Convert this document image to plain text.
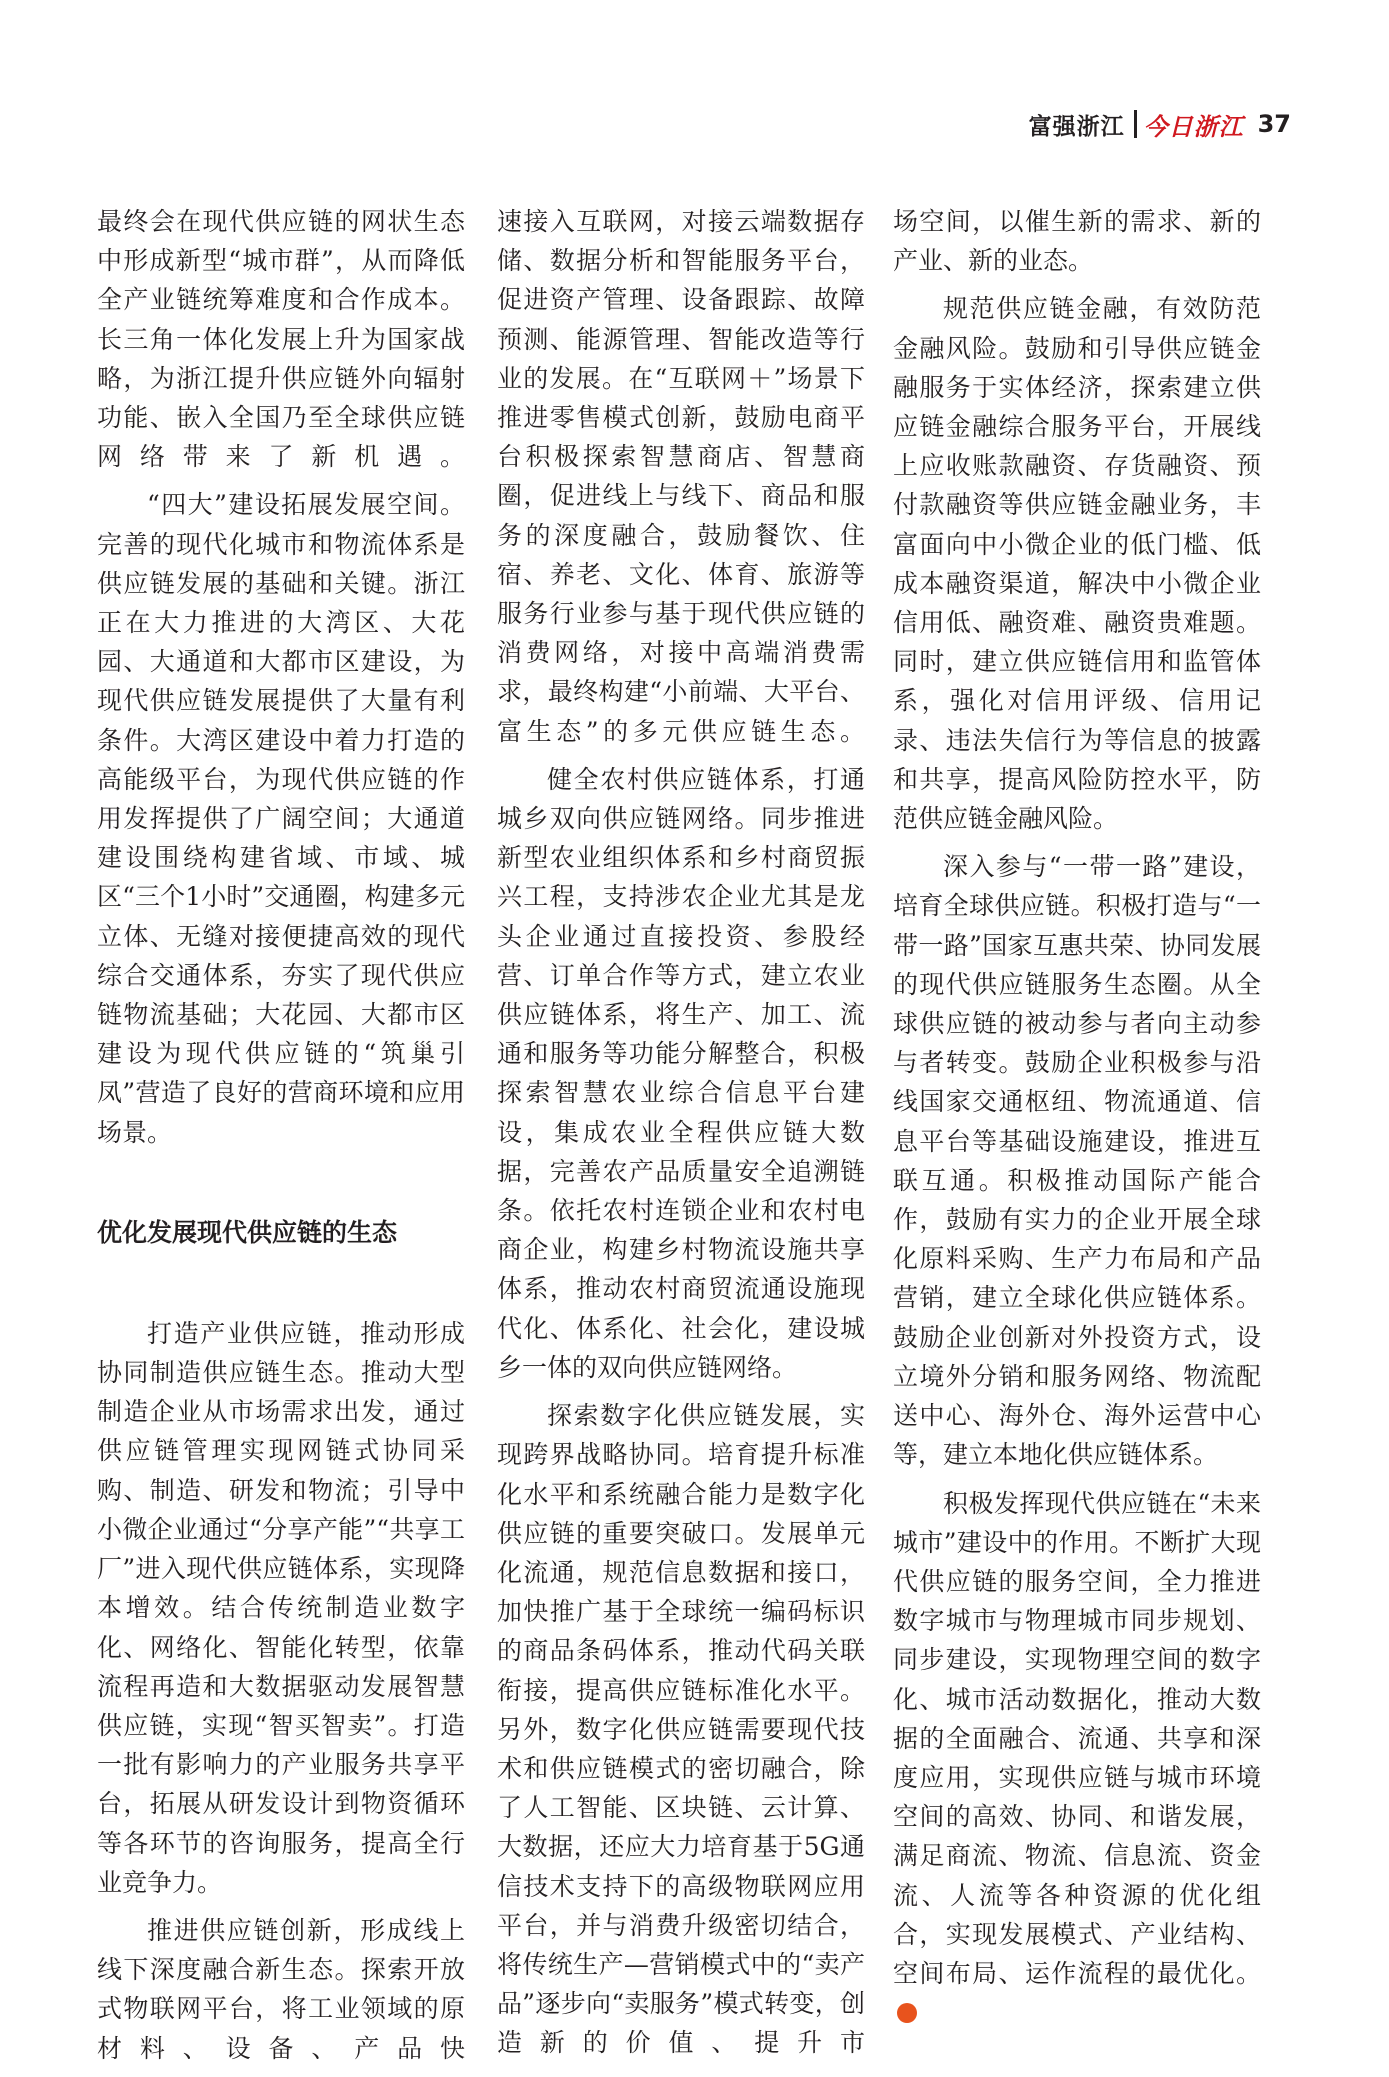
富强浙江 今日浙江 37

最终会在现代供应链的网状生态中形成新型“城市群”，从而降低全产业链统筹难度和合作成本。长三角一体化发展上升为国家战略，为浙江提升供应链外向辐射功能、嵌入全国乃至全球供应链网络带来了新机遇。

“四大”建设拓展发展空间。完善的现代化城市和物流体系是供应链发展的基础和关键。浙江正在大力推进的大湾区、大花园、大通道和大都市区建设，为现代供应链发展提供了大量有利条件。大湾区建设中着力打造的高能级平台，为现代供应链的作用发挥提供了广阔空间；大通道建设围绕构建省域、市域、城区“三个1小时”交通圈，构建多元立体、无缝对接便捷高效的现代综合交通体系，夯实了现代供应链物流基础；大花园、大都市区建设为现代供应链的“筑巢引凤”营造了良好的营商环境和应用场景。

优化发展现代供应链的生态

打造产业供应链，推动形成协同制造供应链生态。推动大型制造企业从市场需求出发，通过供应链管理实现网链式协同采购、制造、研发和物流；引导中小微企业通过“分享产能”“共享工厂”进入现代供应链体系，实现降本增效。结合传统制造业数字化、网络化、智能化转型，依靠流程再造和大数据驱动发展智慧供应链，实现“智买智卖”。打造一批有影响力的产业服务共享平台，拓展从研发设计到物资循环等各环节的咨询服务，提高全行业竞争力。

推进供应链创新，形成线上线下深度融合新生态。探索开放式物联网平台，将工业领域的原材料、设备、产品快

速接入互联网，对接云端数据存储、数据分析和智能服务平台，促进资产管理、设备跟踪、故障预测、能源管理、智能改造等行业的发展。在“互联网＋”场景下推进零售模式创新，鼓励电商平台积极探索智慧商店、智慧商圈，促进线上与线下、商品和服务的深度融合，鼓励餐饮、住宿、养老、文化、体育、旅游等服务行业参与基于现代供应链的消费网络，对接中高端消费需求，最终构建“小前端、大平台、富生态”的多元供应链生态。

健全农村供应链体系，打通城乡双向供应链网络。同步推进新型农业组织体系和乡村商贸振兴工程，支持涉农企业尤其是龙头企业通过直接投资、参股经营、订单合作等方式，建立农业供应链体系，将生产、加工、流通和服务等功能分解整合，积极探索智慧农业综合信息平台建设，集成农业全程供应链大数据，完善农产品质量安全追溯链条。依托农村连锁企业和农村电商企业，构建乡村物流设施共享体系，推动农村商贸流通设施现代化、体系化、社会化，建设城乡一体的双向供应链网络。

探索数字化供应链发展，实现跨界战略协同。培育提升标准化水平和系统融合能力是数字化供应链的重要突破口。发展单元化流通，规范信息数据和接口，加快推广基于全球统一编码标识的商品条码体系，推动代码关联衔接，提高供应链标准化水平。另外，数字化供应链需要现代技术和供应链模式的密切融合，除了人工智能、区块链、云计算、大数据，还应大力培育基于5G通信技术支持下的高级物联网应用平台，并与消费升级密切结合，将传统生产—营销模式中的“卖产品”逐步向“卖服务”模式转变，创造新的价值、提升市

场空间，以催生新的需求、新的产业、新的业态。

规范供应链金融，有效防范金融风险。鼓励和引导供应链金融服务于实体经济，探索建立供应链金融综合服务平台，开展线上应收账款融资、存货融资、预付款融资等供应链金融业务，丰富面向中小微企业的低门槛、低成本融资渠道，解决中小微企业信用低、融资难、融资贵难题。同时，建立供应链信用和监管体系，强化对信用评级、信用记录、违法失信行为等信息的披露和共享，提高风险防控水平，防范供应链金融风险。

深入参与“一带一路”建设，培育全球供应链。积极打造与“一带一路”国家互惠共荣、协同发展的现代供应链服务生态圈。从全球供应链的被动参与者向主动参与者转变。鼓励企业积极参与沿线国家交通枢纽、物流通道、信息平台等基础设施建设，推进互联互通。积极推动国际产能合作，鼓励有实力的企业开展全球化原料采购、生产力布局和产品营销，建立全球化供应链体系。鼓励企业创新对外投资方式，设立境外分销和服务网络、物流配送中心、海外仓、海外运营中心等，建立本地化供应链体系。

积极发挥现代供应链在“未来城市”建设中的作用。不断扩大现代供应链的服务空间，全力推进数字城市与物理城市同步规划、同步建设，实现物理空间的数字化、城市活动数据化，推动大数据的全面融合、流通、共享和深度应用，实现供应链与城市环境空间的高效、协同、和谐发展，满足商流、物流、信息流、资金流、人流等各种资源的优化组合，实现发展模式、产业结构、空间布局、运作流程的最优化。
